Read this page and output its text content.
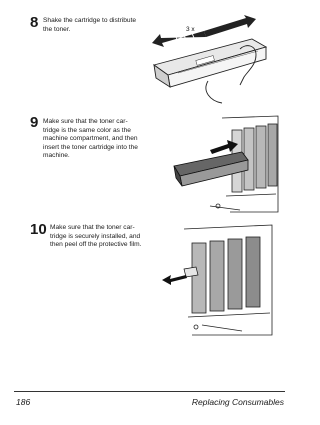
8 Shake the cartridge to distribute
the toner.	3 x
9 Make sure that the toner car-
tridge is the same color as the
machine compartment, and then
insert the toner cartridge into the
machine.
10 Make sure that the toner car-
tridge is securely installed, and
then peel off the protective film.
186	Replacing Consumables
